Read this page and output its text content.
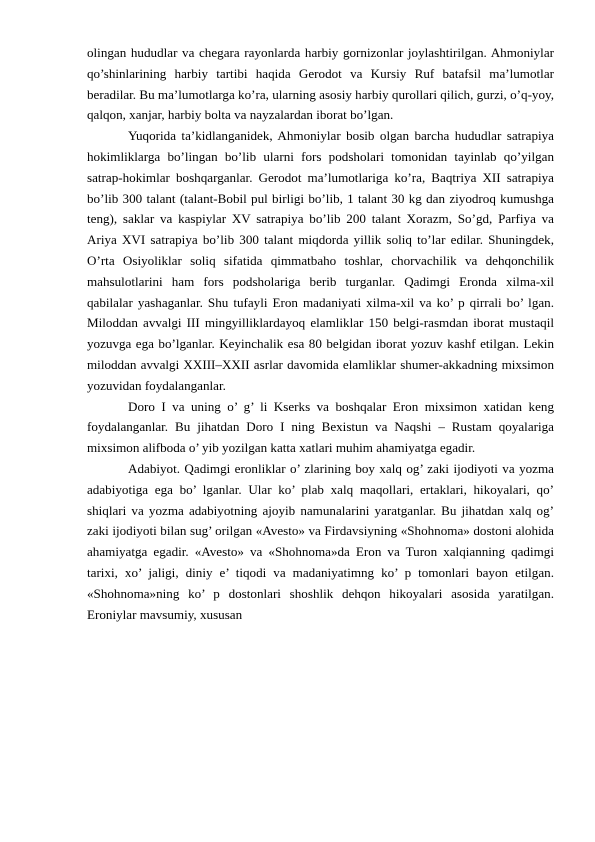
olingan hududlar va chegara rayonlarda harbiy gornizonlar joylashtirilgan. Ahmoniylar qo’shinlarining harbiy tartibi haqida Gerodot va Kursiy Ruf batafsil ma’lumotlar beradilar. Bu ma’lumotlarga ko’ra, ularning asosiy harbiy qurollari qilich, gurzi, o’q-yoy, qalqon, xanjar, harbiy bolta va nayzalardan iborat bo’lgan.

Yuqorida ta’kidlanganidek, Ahmoniylar bosib olgan barcha hududlar satrapiya hokimliklarga bo’lingan bo’lib ularni fors podsholari tomonidan tayinlab qo’yilgan satrap-hokimlar boshqarganlar. Gerodot ma’lumotlariga ko’ra, Baqtriya XII satrapiya bo’lib 300 talant (talant-Bobil pul birligi bo’lib, 1 talant 30 kg dan ziyodroq kumushga teng), saklar va kaspiylar XV satrapiya bo’lib 200 talant Xorazm, So’gd, Parfiya va Ariya XVI satrapiya bo’lib 300 talant miqdorda yillik soliq to’lar edilar. Shuningdek, O’rta Osiyoliklar soliq sifatida qimmatbaho toshlar, chorvachilik va dehqonchilik mahsulotlarini ham fors podsholariga berib turganlar. Qadimgi Eronda xilma-xil qabilalar yashaganlar. Shu tufayli Eron madaniyati xilma-xil va ko’ p qirrali bo’ lgan. Miloddan avvalgi III mingyilliklardayoq elamliklar 150 belgi-rasmdan iborat mustaqil yozuvga ega bo’lganlar. Keyinchalik esa 80 belgidan iborat yozuv kashf etilgan. Lekin miloddan avvalgi XXIII–XXII asrlar davomida elamliklar shumer-akkadning mixsimon yozuvidan foydalanganlar.

Doro I va uning o’ g’ li Kserks va boshqalar Eron mixsimon xatidan keng foydalanganlar. Bu jihatdan Doro I ning Bexistun va Naqshi – Rustam qoyalariga mixsimon alifboda o’ yib yozilgan katta xatlari muhim ahamiyatga egadir.

Adabiyot. Qadimgi eronliklar o’ zlarining boy xalq og’ zaki ijodiyoti va yozma adabiyotiga ega bo’ lganlar. Ular ko’ plab xalq maqollari, ertaklari, hikoyalari, qo’ shiqlari va yozma adabiyotning ajoyib namunalarini yaratganlar. Bu jihatdan xalq og’ zaki ijodiyoti bilan sug’ orilgan «Avesto» va Firdavsiyning «Shohnoma» dostoni alohida ahamiyatga egadir. «Avesto» va «Shohnoma»da Eron va Turon xalqianning qadimgi tarixi, xo’ jaligi, diniy e’ tiqodi va madaniyatimng ko’ p tomonlari bayon etilgan. «Shohnoma»ning ko’ p dostonlari shoshlik dehqon hikoyalari asosida yaratilgan. Eroniylar mavsumiy, xususan
